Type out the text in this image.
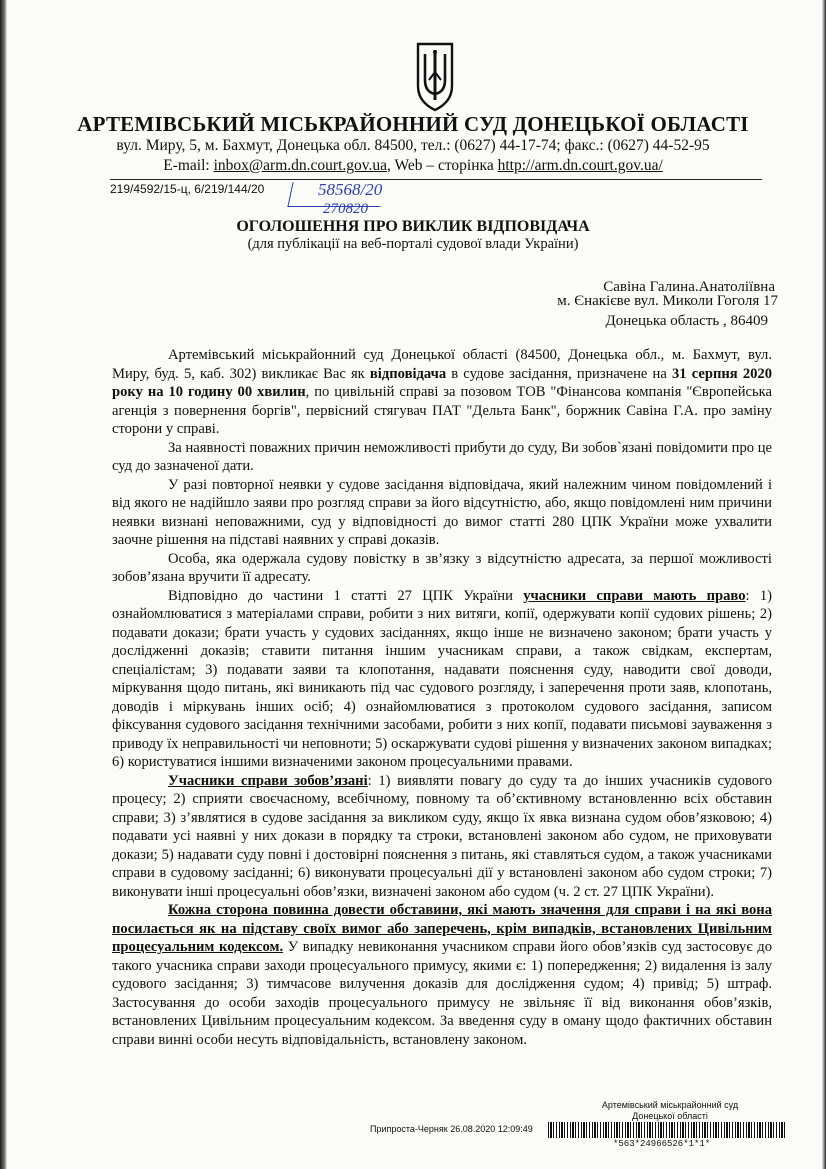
АРТЕМІВСЬКИЙ МІСЬКРАЙОННИЙ СУД ДОНЕЦЬКОЇ ОБЛАСТІ
вул. Миру, 5, м. Бахмут, Донецька обл. 84500, тел.: (0627) 44-17-74; факс.: (0627) 44-52-95
E-mail: inbox@arm.dn.court.gov.ua, Web – сторінка http://arm.dn.court.gov.ua/
219/4592/15-ц, 6/219/144/20	58568/20
270820
ОГОЛОШЕННЯ ПРО ВИКЛИК ВІДПОВІДАЧА
(для публікації на веб-порталі судової влади України)
Савіна Галина.Анатоліївна
м. Єнакієве вул. Миколи Гоголя 17
Донецька область , 86409

Артемівський міськрайонний суд Донецької області (84500, Донецька обл., м. Бахмут, вул. Миру, буд. 5, каб. 302) викликає Вас як відповідача в судове засідання, призначене на 31 серпня 2020 року на 10 годину 00 хвилин, по цивільній справі за позовом ТОВ "Фінансова компанія "Європейська агенція з повернення боргів", первісний стягувач ПАТ "Дельта Банк", боржник Савіна Г.А. про заміну сторони у справі.

За наявності поважних причин неможливості прибути до суду, Ви зобов`язані повідомити про це суд до зазначеної дати.

У разі повторної неявки у судове засідання відповідача, який належним чином повідомлений і від якого не надійшло заяви про розгляд справи за його відсутністю, або, якщо повідомлені ним причини неявки визнані неповажними, суд у відповідності до вимог статті 280 ЦПК України може ухвалити заочне рішення на підставі наявних у справі доказів.

Особа, яка одержала судову повістку в зв’язку з відсутністю адресата, за першої можливості зобов’язана вручити її адресату.

Відповідно до частини 1 статті 27 ЦПК України учасники справи мають право: 1) ознайомлюватися з матеріалами справи, робити з них витяги, копії, одержувати копії судових рішень; 2) подавати докази; брати участь у судових засіданнях, якщо інше не визначено законом; брати участь у дослідженні доказів; ставити питання іншим учасникам справи, а також свідкам, експертам, спеціалістам; 3) подавати заяви та клопотання, надавати пояснення суду, наводити свої доводи, міркування щодо питань, які виникають під час судового розгляду, і заперечення проти заяв, клопотань, доводів і міркувань інших осіб; 4) ознайомлюватися з протоколом судового засідання, записом фіксування судового засідання технічними засобами, робити з них копії, подавати письмові зауваження з приводу їх неправильності чи неповноти; 5) оскаржувати судові рішення у визначених законом випадках; 6) користуватися іншими визначеними законом процесуальними правами.

Учасники справи зобов’язані: 1) виявляти повагу до суду та до інших учасників судового процесу; 2) сприяти своєчасному, всебічному, повному та об’єктивному встановленню всіх обставин справи; 3) з’являтися в судове засідання за викликом суду, якщо їх явка визнана судом обов’язковою; 4) подавати усі наявні у них докази в порядку та строки, встановлені законом або судом, не приховувати докази; 5) надавати суду повні і достовірні пояснення з питань, які ставляться судом, а також учасниками справи в судовому засіданні; 6) виконувати процесуальні дії у встановлені законом або судом строки; 7) виконувати інші процесуальні обов’язки, визначені законом або судом (ч. 2 ст. 27 ЦПК України).

Кожна сторона повинна довести обставини, які мають значення для справи і на які вона посилається як на підставу своїх вимог або заперечень, крім випадків, встановлених Цивільним процесуальним кодексом. У випадку невиконання учасником справи його обов’язків суд застосовує до такого учасника справи заходи процесуального примусу, якими є: 1) попередження; 2) видалення із залу судового засідання; 3) тимчасове вилучення доказів для дослідження судом; 4) привід; 5) штраф. Застосування до особи заходів процесуального примусу не звільняє її від виконання обов’язків, встановлених Цивільним процесуальним кодексом. За введення суду в оману щодо фактичних обставин справи винні особи несуть відповідальність, встановлену законом.

Артемівський міськрайонний суд
Донецької області
Припроста-Черняк 26.08.2020 12:09:49
*563*24966526*1*1*
